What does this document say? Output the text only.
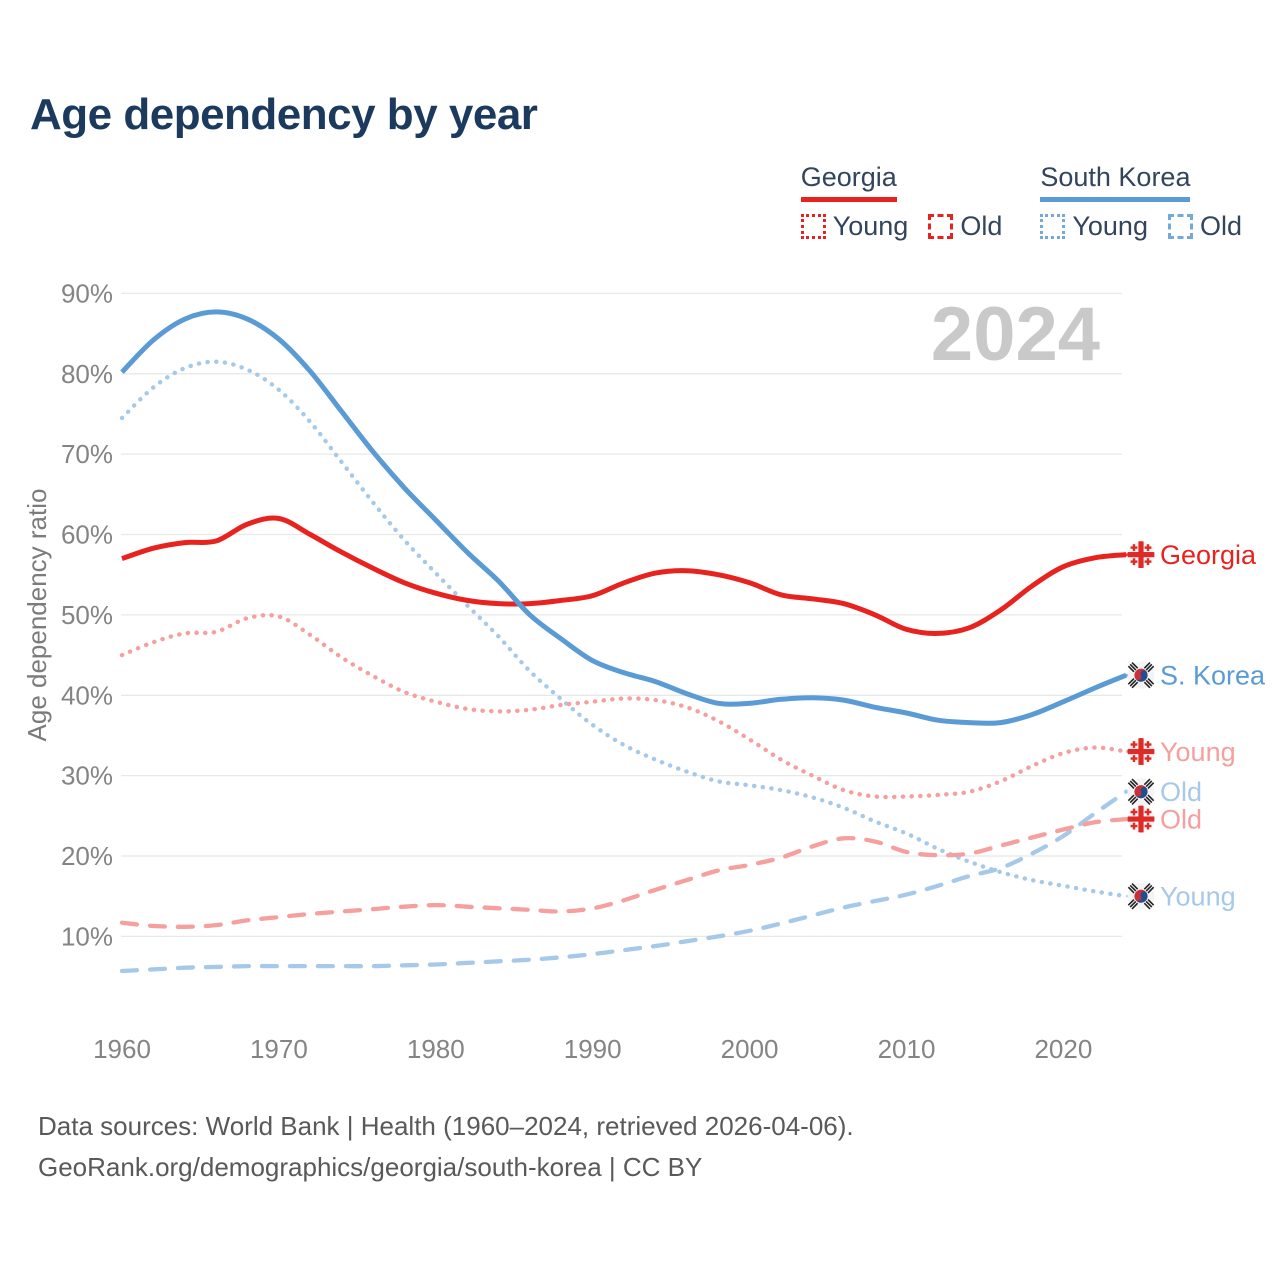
10%
20%
30%
40%
50%
60%
70%
80%
90%	2024
1960	1970	1980	1990	2000	2010	2020
Age dependency ratio
Young
Young
Old
Old
Georgia
S. Korea
Age dependency by year
Georgia
Young Old
South Korea
Young Old
Data sources: World Bank | Health (1960–2024, retrieved 2026-04-06).
GeoRank.org/demographics/georgia/south-korea | CC BY
